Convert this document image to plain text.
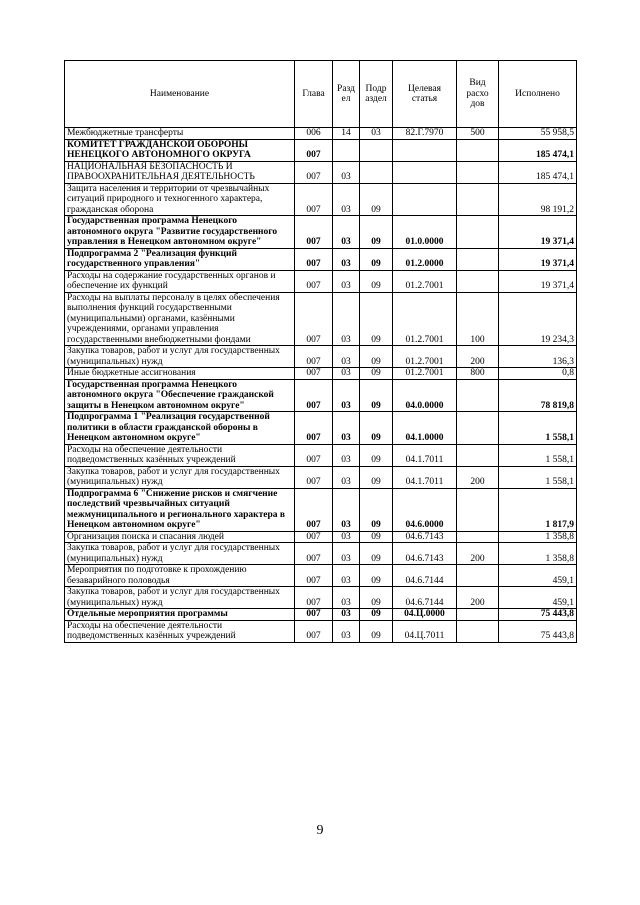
Наименование	Глава	Разд ел	Подр аздел	Целевая статья	Вид расхо дов	Исполнено
Межбюджетные трансферты	006	14	03	82.Г.7970	500	55 958,5
КОМИТЕТ ГРАЖДАНСКОЙ ОБОРОНЫ НЕНЕЦКОГО АВТОНОМНОГО ОКРУГА	007					185 474,1
НАЦИОНАЛЬНАЯ БЕЗОПАСНОСТЬ И ПРАВООХРАНИТЕЛЬНАЯ ДЕЯТЕЛЬНОСТЬ	007	03				185 474,1
Защита населения и территории от чрезвычайных ситуаций природного и техногенного характера, гражданская оборона	007	03	09			98 191,2
Государственная программа Ненецкого автономного округа "Развитие государственного управления в Ненецком автономном округе"	007	03	09	01.0.0000		19 371,4
Подпрограмма 2 "Реализация функций государственного управления"	007	03	09	01.2.0000		19 371,4
Расходы на содержание государственных органов и обеспечение их функций	007	03	09	01.2.7001		19 371,4
Расходы на выплаты персоналу в целях обеспечения выполнения функций государственными (муниципальными) органами, казёнными учреждениями, органами управления государственными внебюджетными фондами	007	03	09	01.2.7001	100	19 234,3
Закупка товаров, работ и услуг для государственных (муниципальных) нужд	007	03	09	01.2.7001	200	136,3
Иные бюджетные ассигнования	007	03	09	01.2.7001	800	0,8
Государственная программа Ненецкого автономного округа "Обеспечение гражданской защиты в Ненецком автономном округе"	007	03	09	04.0.0000		78 819,8
Подпрограмма 1 "Реализация государственной политики в области гражданской обороны в Ненецком автономном округе"	007	03	09	04.1.0000		1 558,1
Расходы на обеспечение деятельности подведомственных казённых учреждений	007	03	09	04.1.7011		1 558,1
Закупка товаров, работ и услуг для государственных (муниципальных) нужд	007	03	09	04.1.7011	200	1 558,1
Подпрограмма 6 "Снижение рисков и смягчение последствий чрезвычайных ситуаций межмуниципального и регионального характера в Ненецком автономном округе"	007	03	09	04.6.0000		1 817,9
Организация поиска и спасания людей	007	03	09	04.6.7143		1 358,8
Закупка товаров, работ и услуг для государственных (муниципальных) нужд	007	03	09	04.6.7143	200	1 358,8
Мероприятия по подготовке к прохождению безаварийного половодья	007	03	09	04.6.7144		459,1
Закупка товаров, работ и услуг для государственных (муниципальных) нужд	007	03	09	04.6.7144	200	459,1
Отдельные мероприятия программы	007	03	09	04.Ц.0000		75 443,8
Расходы на обеспечение деятельности подведомственных казённых учреждений	007	03	09	04.Ц.7011		75 443,8
9
